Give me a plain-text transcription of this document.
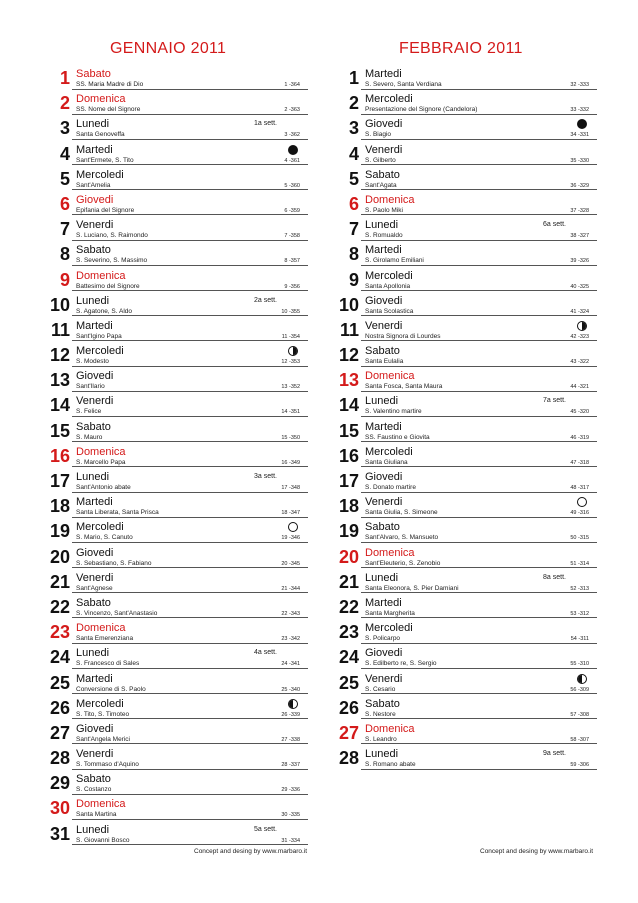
GENNAIO 2011
1 Sabato
SS. Maria Madre di Dio	1 -364
2 Domenica
SS. Nome del Signore	2 -363
3 Lunedi
Santa Genoveffa	3 -362
1a sett.
4 Martedi
Sant'Ermete, S. Tito	4 -361
5 Mercoledi
Sant'Amelia	5 -360
6 Giovedi
Epifania del Signore	6 -359
7 Venerdi
S. Luciano, S. Raimondo	7 -358
8 Sabato
S. Severino, S. Massimo	8 -357
9 Domenica
Battesimo del Signore	9 -356
10 Lunedi
S. Agatone, S. Aldo	10 -355
2a sett.
11 Martedi
Sant'Igino Papa	11 -354
12 Mercoledi
S. Modesto	12 -353
13 Giovedi
Sant'Ilario	13 -352
14 Venerdi
S. Felice	14 -351
15 Sabato
S. Mauro	15 -350
16 Domenica
S. Marcello Papa	16 -349
17 Lunedi
Sant'Antonio abate	17 -348
3a sett.
18 Martedi
Santa Liberata, Santa Prisca	18 -347
19 Mercoledi
S. Mario, S. Canuto	19 -346
20 Giovedi
S. Sebastiano, S. Fabiano	20 -345
21 Venerdi
Sant'Agnese	21 -344
22 Sabato
S. Vincenzo, Sant'Anastasio	22 -343
23 Domenica
Santa Emerenziana	23 -342
24 Lunedi
S. Francesco di Sales	24 -341
4a sett.
25 Martedi
Conversione di S. Paolo	25 -340
26 Mercoledi
S. Tito, S. Timoteo	26 -339
27 Giovedi
Sant'Angela Merici	27 -338
28 Venerdi
S. Tommaso d'Aquino	28 -337
29 Sabato
S. Costanzo	29 -336
30 Domenica
Santa Martina	30 -335
31 Lunedi
S. Giovanni Bosco	31 -334
5a sett.
FEBBRAIO 2011
1 Martedi
S. Severo, Santa Verdiana	32 -333
2 Mercoledi
Presentazione del Signore (Candelora)	33 -332
3 Giovedi
S. Biagio	34 -331
4 Venerdi
S. Gilberto	35 -330
5 Sabato
Sant'Agata	36 -329
6 Domenica
S. Paolo Miki	37 -328
7 Lunedi
S. Romualdo	38 -327
6a sett.
8 Martedi
S. Girolamo Emiliani	39 -326
9 Mercoledi
Santa Apollonia	40 -325
10 Giovedi
Santa Scolastica	41 -324
11 Venerdi
Nostra Signora di Lourdes	42 -323
12 Sabato
Santa Eulalia	43 -322
13 Domenica
Santa Fosca, Santa Maura	44 -321
14 Lunedi
S. Valentino martire	45 -320
7a sett.
15 Martedi
SS. Faustino e Giovita	46 -319
16 Mercoledi
Santa Giuliana	47 -318
17 Giovedi
S. Donato martire	48 -317
18 Venerdi
Santa Giulia, S. Simeone	49 -316
19 Sabato
Sant'Alvaro, S. Mansueto	50 -315
20 Domenica
Sant'Eleuterio, S. Zenobio	51 -314
21 Lunedi
Santa Eleonora, S. Pier Damiani	52 -313
8a sett.
22 Martedi
Santa Margherita	53 -312
23 Mercoledi
S. Policarpo	54 -311
24 Giovedi
S. Edilberto re, S. Sergio	55 -310
25 Venerdi
S. Cesario	56 -309
26 Sabato
S. Nestore	57 -308
27 Domenica
S. Leandro	58 -307
28 Lunedi
S. Romano abate	59 -306
9a sett.
Concept and desing by www.marbaro.it	Concept and desing by www.marbaro.it
